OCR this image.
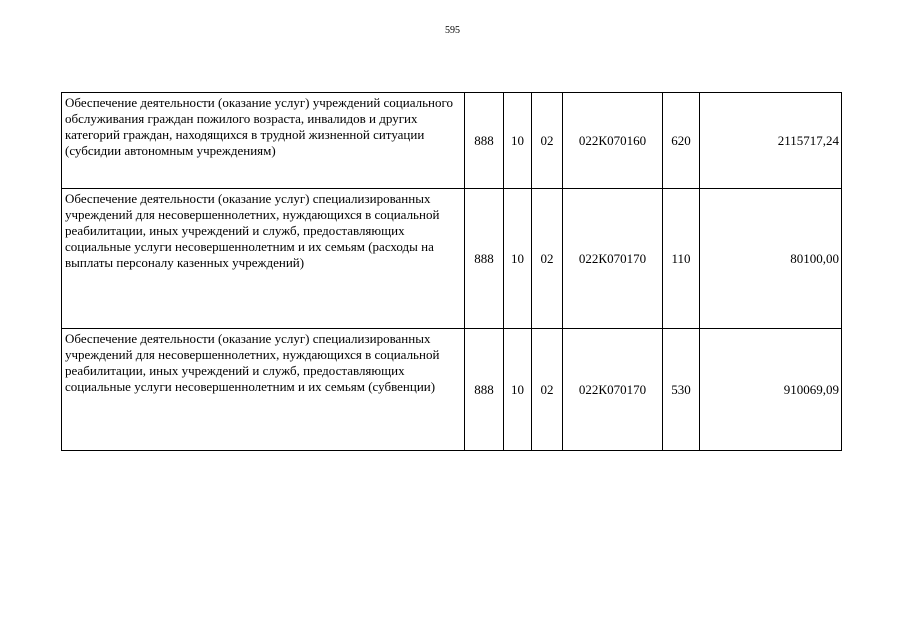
595
Обеспечение деятельности (оказание услуг) учреждений социального обслуживания граждан пожилого возраста, инвалидов и других категорий граждан, находящихся в трудной жизненной ситуации (субсидии автономным учреждениям)	888	10	02	022К070160	620	2115717,24
Обеспечение деятельности (оказание услуг) специализированных учреждений для несовершеннолетних, нуждающихся в социальной реабилитации, иных учреждений и служб, предоставляющих социальные услуги несовершеннолетним и их семьям (расходы на выплаты персоналу казенных учреждений)	888	10	02	022К070170	110	80100,00
Обеспечение деятельности (оказание услуг) специализированных учреждений для несовершеннолетних, нуждающихся в социальной реабилитации, иных учреждений и служб, предоставляющих социальные услуги несовершеннолетним и их семьям (субвенции)	888	10	02	022К070170	530	910069,09
